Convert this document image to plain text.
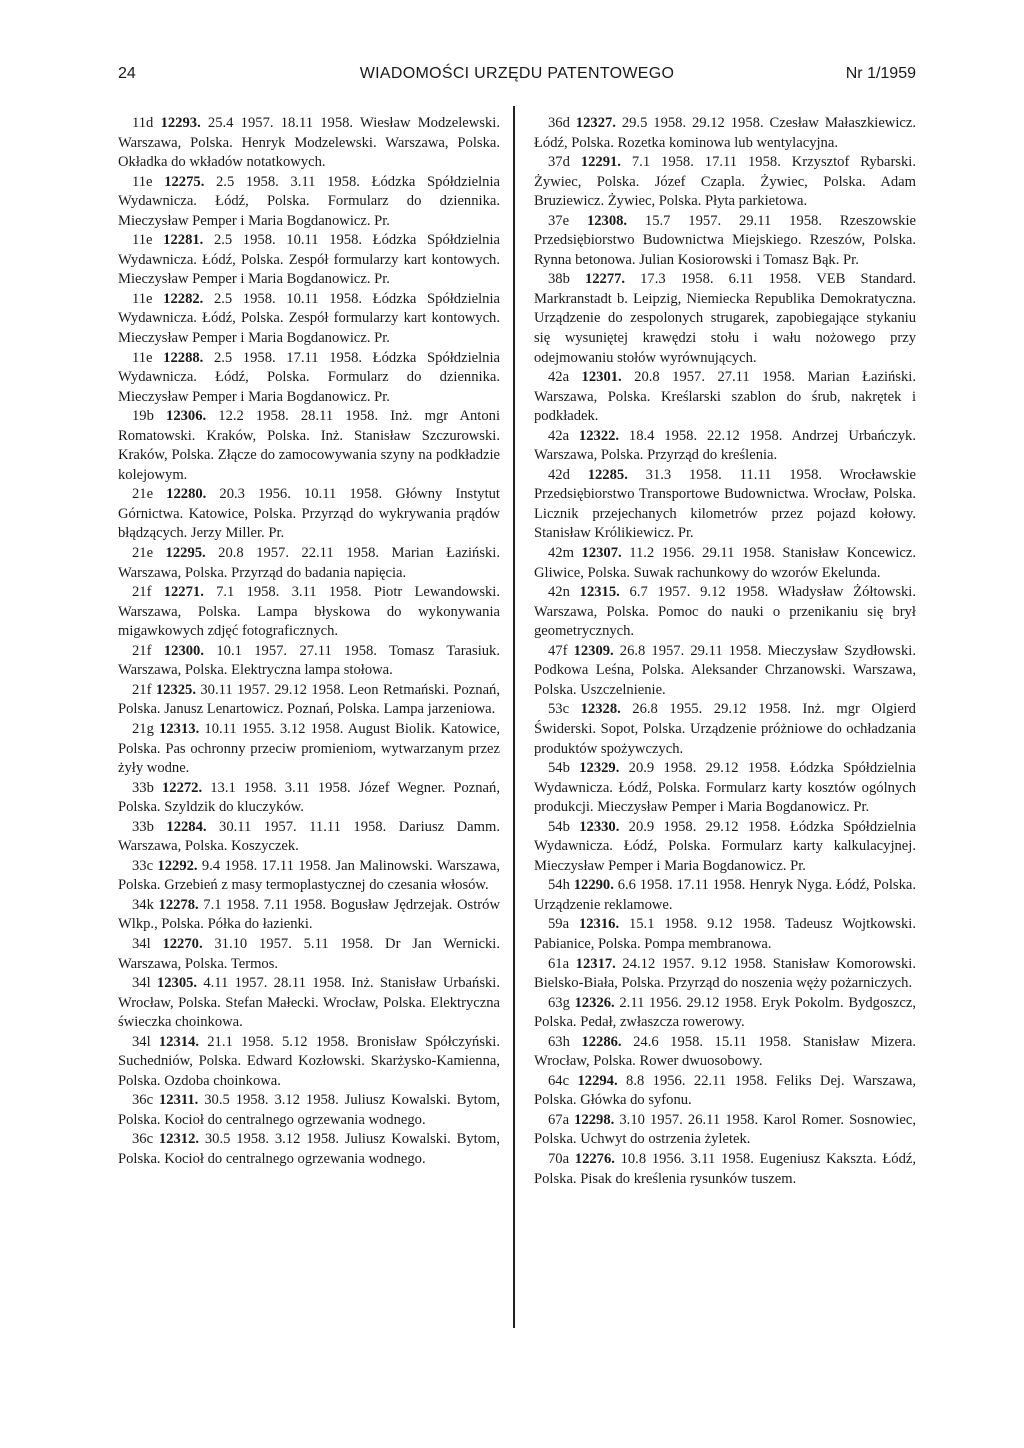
24	WIADOMOŚCI URZĘDU PATENTOWEGO	Nr 1/1959

11d 12293. 25.4 1957. 18.11 1958. Wiesław Modzelewski. Warszawa, Polska. Henryk Modzelewski. Warszawa, Polska. Okładka do wkładów notatkowych.

11e 12275. 2.5 1958. 3.11 1958. Łódzka Spółdzielnia Wydawnicza. Łódź, Polska. Formularz do dziennika. Mieczysław Pemper i Maria Bogdanowicz. Pr.

11e 12281. 2.5 1958. 10.11 1958. Łódzka Spółdzielnia Wydawnicza. Łódź, Polska. Zespół formularzy kart kontowych. Mieczysław Pemper i Maria Bogdanowicz. Pr.

11e 12282. 2.5 1958. 10.11 1958. Łódzka Spółdzielnia Wydawnicza. Łódź, Polska. Zespół formularzy kart kontowych. Mieczysław Pemper i Maria Bogdanowicz. Pr.

11e 12288. 2.5 1958. 17.11 1958. Łódzka Spółdzielnia Wydawnicza. Łódź, Polska. Formularz do dziennika. Mieczysław Pemper i Maria Bogdanowicz. Pr.

19b 12306. 12.2 1958. 28.11 1958. Inż. mgr Antoni Romatowski. Kraków, Polska. Inż. Stanisław Szczurowski. Kraków, Polska. Złącze do zamocowywania szyny na podkładzie kolejowym.

21e 12280. 20.3 1956. 10.11 1958. Główny Instytut Górnictwa. Katowice, Polska. Przyrząd do wykrywania prądów błądzących. Jerzy Miller. Pr.

21e 12295. 20.8 1957. 22.11 1958. Marian Łaziński. Warszawa, Polska. Przyrząd do badania napięcia.

21f 12271. 7.1 1958. 3.11 1958. Piotr Lewandowski. Warszawa, Polska. Lampa błyskowa do wykonywania migawkowych zdjęć fotograficznych.

21f 12300. 10.1 1957. 27.11 1958. Tomasz Tarasiuk. Warszawa, Polska. Elektryczna lampa stołowa.

21f 12325. 30.11 1957. 29.12 1958. Leon Retmański. Poznań, Polska. Janusz Lenartowicz. Poznań, Polska. Lampa jarzeniowa.

21g 12313. 10.11 1955. 3.12 1958. August Biolik. Katowice, Polska. Pas ochronny przeciw promieniom, wytwarzanym przez żyły wodne.

33b 12272. 13.1 1958. 3.11 1958. Józef Wegner. Poznań, Polska. Szyldzik do kluczyków.

33b 12284. 30.11 1957. 11.11 1958. Dariusz Damm. Warszawa, Polska. Koszyczek.

33c 12292. 9.4 1958. 17.11 1958. Jan Malinowski. Warszawa, Polska. Grzebień z masy termoplastycznej do czesania włosów.

34k 12278. 7.1 1958. 7.11 1958. Bogusław Jędrzejak. Ostrów Wlkp., Polska. Półka do łazienki.

34l 12270. 31.10 1957. 5.11 1958. Dr Jan Wernicki. Warszawa, Polska. Termos.

34l 12305. 4.11 1957. 28.11 1958. Inż. Stanisław Urbański. Wrocław, Polska. Stefan Małecki. Wrocław, Polska. Elektryczna świeczka choinkowa.

34l 12314. 21.1 1958. 5.12 1958. Bronisław Spółczyński. Suchedniów, Polska. Edward Kozłowski. Skarżysko-Kamienna, Polska. Ozdoba choinkowa.

36c 12311. 30.5 1958. 3.12 1958. Juliusz Kowalski. Bytom, Polska. Kocioł do centralnego ogrzewania wodnego.

36c 12312. 30.5 1958. 3.12 1958. Juliusz Kowalski. Bytom, Polska. Kocioł do centralnego ogrzewania wodnego.

36d 12327. 29.5 1958. 29.12 1958. Czesław Małaszkiewicz. Łódź, Polska. Rozetka kominowa lub wentylacyjna.

37d 12291. 7.1 1958. 17.11 1958. Krzysztof Rybarski. Żywiec, Polska. Józef Czapla. Żywiec, Polska. Adam Bruziewicz. Żywiec, Polska. Płyta parkietowa.

37e 12308. 15.7 1957. 29.11 1958. Rzeszowskie Przedsiębiorstwo Budownictwa Miejskiego. Rzeszów, Polska. Rynna betonowa. Julian Kosiorowski i Tomasz Bąk. Pr.

38b 12277. 17.3 1958. 6.11 1958. VEB Standard. Markranstadt b. Leipzig, Niemiecka Republika Demokratyczna. Urządzenie do zespolonych strugarek, zapobiegające stykaniu się wysuniętej krawędzi stołu i wału nożowego przy odejmowaniu stołów wyrównujących.

42a 12301. 20.8 1957. 27.11 1958. Marian Łaziński. Warszawa, Polska. Kreślarski szablon do śrub, nakrętek i podkładek.

42a 12322. 18.4 1958. 22.12 1958. Andrzej Urbańczyk. Warszawa, Polska. Przyrząd do kreślenia.

42d 12285. 31.3 1958. 11.11 1958. Wrocławskie Przedsiębiorstwo Transportowe Budownictwa. Wrocław, Polska. Licznik przejechanych kilometrów przez pojazd kołowy. Stanisław Królikiewicz. Pr.

42m 12307. 11.2 1956. 29.11 1958. Stanisław Koncewicz. Gliwice, Polska. Suwak rachunkowy do wzorów Ekelunda.

42n 12315. 6.7 1957. 9.12 1958. Władysław Żółtowski. Warszawa, Polska. Pomoc do nauki o przenikaniu się brył geometrycznych.

47f 12309. 26.8 1957. 29.11 1958. Mieczysław Szydłowski. Podkowa Leśna, Polska. Aleksander Chrzanowski. Warszawa, Polska. Uszczelnienie.

53c 12328. 26.8 1955. 29.12 1958. Inż. mgr Olgierd Świderski. Sopot, Polska. Urządzenie próżniowe do ochładzania produktów spożywczych.

54b 12329. 20.9 1958. 29.12 1958. Łódzka Spółdzielnia Wydawnicza. Łódź, Polska. Formularz karty kosztów ogólnych produkcji. Mieczysław Pemper i Maria Bogdanowicz. Pr.

54b 12330. 20.9 1958. 29.12 1958. Łódzka Spółdzielnia Wydawnicza. Łódź, Polska. Formularz karty kalkulacyjnej. Mieczysław Pemper i Maria Bogdanowicz. Pr.

54h 12290. 6.6 1958. 17.11 1958. Henryk Nyga. Łódź, Polska. Urządzenie reklamowe.

59a 12316. 15.1 1958. 9.12 1958. Tadeusz Wojtkowski. Pabianice, Polska. Pompa membranowa.

61a 12317. 24.12 1957. 9.12 1958. Stanisław Komorowski. Bielsko-Biała, Polska. Przyrząd do noszenia węży pożarniczych.

63g 12326. 2.11 1956. 29.12 1958. Eryk Pokolm. Bydgoszcz, Polska. Pedał, zwłaszcza rowerowy.

63h 12286. 24.6 1958. 15.11 1958. Stanisław Mizera. Wrocław, Polska. Rower dwuosobowy.

64c 12294. 8.8 1956. 22.11 1958. Feliks Dej. Warszawa, Polska. Główka do syfonu.

67a 12298. 3.10 1957. 26.11 1958. Karol Romer. Sosnowiec, Polska. Uchwyt do ostrzenia żyletek.

70a 12276. 10.8 1956. 3.11 1958. Eugeniusz Kaksztа. Łódź, Polska. Pisak do kreślenia rysunków tuszem.
